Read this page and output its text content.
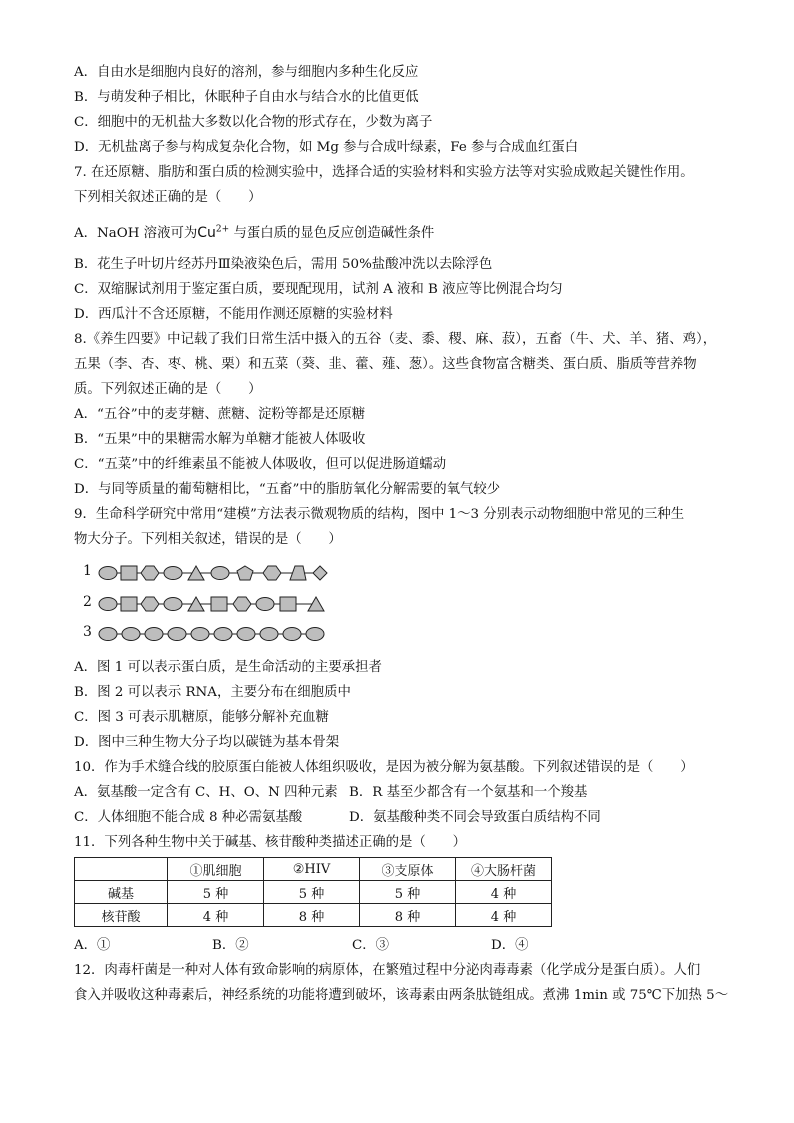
A．自由水是细胞内良好的溶剂，参与细胞内多种生化反应
B．与萌发种子相比，休眠种子自由水与结合水的比值更低
C．细胞中的无机盐大多数以化合物的形式存在，少数为离子
D．无机盐离子参与构成复杂化合物，如 Mg 参与合成叶绿素，Fe 参与合成血红蛋白
7. 在还原糖、脂肪和蛋白质的检测实验中，选择合适的实验材料和实验方法等对实验成败起关键性作用。
下列相关叙述正确的是（　　）
A．NaOH 溶液可为$Cu^{2+}$ 与蛋白质的显色反应创造碱性条件
B．花生子叶切片经苏丹Ⅲ染液染色后，需用 50%盐酸冲洗以去除浮色
C．双缩脲试剂用于鉴定蛋白质，要现配现用，试剂 A 液和 B 液应等比例混合均匀
D．西瓜汁不含还原糖，不能用作测还原糖的实验材料
8.《养生四要》中记载了我们日常生活中摄入的五谷（麦、黍、稷、麻、菽），五畜（牛、犬、羊、猪、鸡），
五果（李、杏、枣、桃、栗）和五菜（葵、韭、藿、薤、葱）。这些食物富含糖类、蛋白质、脂质等营养物
质。下列叙述正确的是（　　）
A．“五谷”中的麦芽糖、蔗糖、淀粉等都是还原糖
B．“五果”中的果糖需水解为单糖才能被人体吸收
C．“五菜”中的纤维素虽不能被人体吸收，但可以促进肠道蠕动
D．与同等质量的葡萄糖相比，“五畜”中的脂肪氧化分解需要的氧气较少
9．生命科学研究中常用“建模”方法表示微观物质的结构，图中 1～3 分别表示动物细胞中常见的三种生
物大分子。下列相关叙述，错误的是（　　）
1
2
3
A．图 1 可以表示蛋白质，是生命活动的主要承担者
B．图 2 可以表示 RNA，主要分布在细胞质中
C．图 3 可表示肌糖原，能够分解补充血糖
D．图中三种生物大分子均以碳链为基本骨架
10．作为手术缝合线的胶原蛋白能被人体组织吸收，是因为被分解为氨基酸。下列叙述错误的是（　　）
A．氨基酸一定含有 C、H、O、N 四种元素 B．R 基至少都含有一个氨基和一个羧基
C．人体细胞不能合成 8 种必需氨基酸	D．氨基酸种类不同会导致蛋白质结构不同
11．下列各种生物中关于碱基、核苷酸种类描述正确的是（　　）
	①肌细胞	②HIV	③支原体	④大肠杆菌
碱基	5 种	5 种	5 种	4 种
核苷酸	4 种	8 种	8 种	4 种
A．①	B．②	C．③	D．④
12．肉毒杆菌是一种对人体有致命影响的病原体，在繁殖过程中分泌肉毒毒素（化学成分是蛋白质）。人们
食入并吸收这种毒素后，神经系统的功能将遭到破坏，该毒素由两条肽链组成。煮沸 1min 或 75℃下加热 5～
